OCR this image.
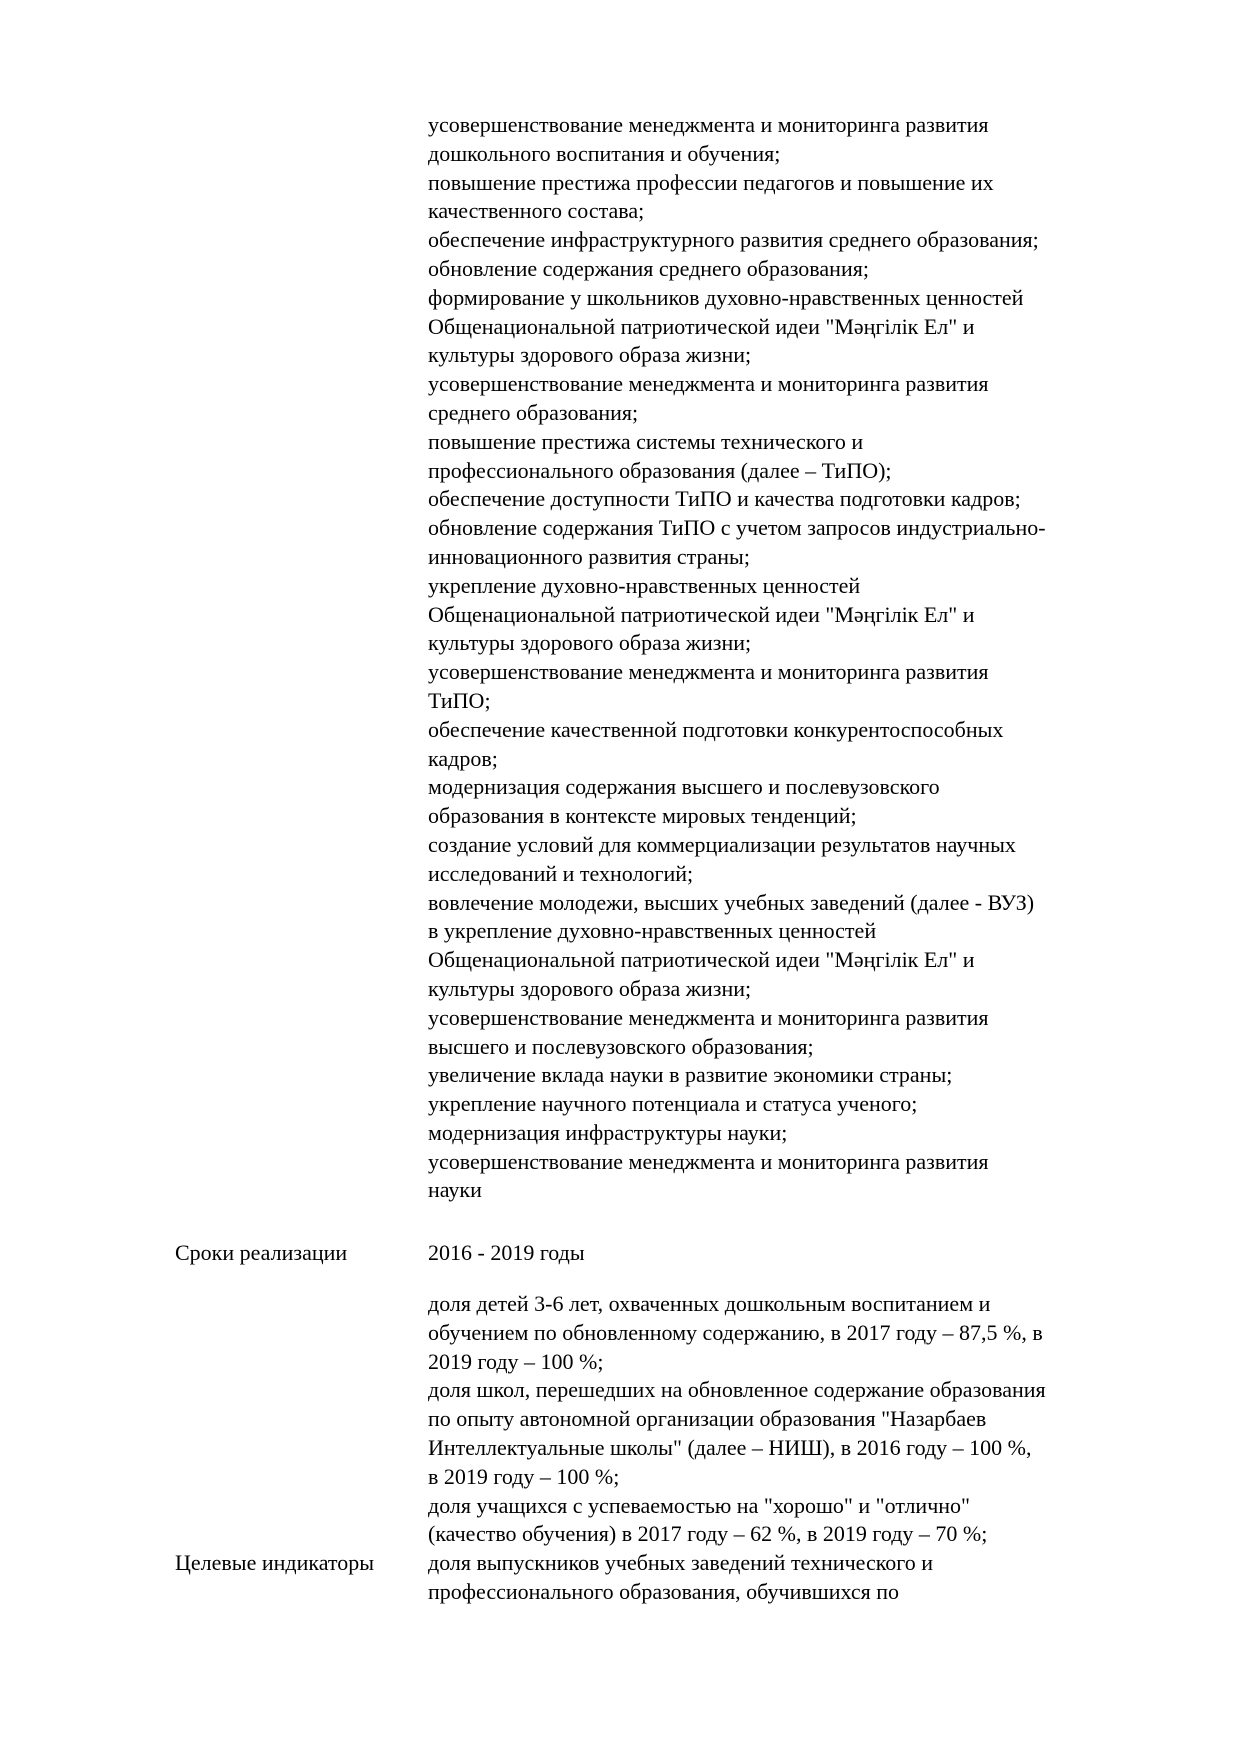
усовершенствование менеджмента и мониторинга развития
дошкольного воспитания и обучения;
повышение престижа профессии педагогов и повышение их
качественного состава;
обеспечение инфраструктурного развития среднего образования;
обновление содержания среднего образования;
формирование у школьников духовно-нравственных ценностей
Общенациональной патриотической идеи "Мәңгілік Ел" и
культуры здорового образа жизни;
усовершенствование менеджмента и мониторинга развития
среднего образования;
повышение престижа системы технического и
профессионального образования (далее – ТиПО);
обеспечение доступности ТиПО и качества подготовки кадров;
обновление содержания ТиПО с учетом запросов индустриально-
инновационного развития страны;
укрепление духовно-нравственных ценностей
Общенациональной патриотической идеи "Мәңгілік Ел" и
культуры здорового образа жизни;
усовершенствование менеджмента и мониторинга развития
ТиПО;
обеспечение качественной подготовки конкурентоспособных
кадров;
модернизация содержания высшего и послевузовского
образования в контексте мировых тенденций;
создание условий для коммерциализации результатов научных
исследований и технологий;
вовлечение молодежи, высших учебных заведений (далее - ВУЗ)
в укрепление духовно-нравственных ценностей
Общенациональной патриотической идеи "Мәңгілік Ел" и
культуры здорового образа жизни;
усовершенствование менеджмента и мониторинга развития
высшего и послевузовского образования;
увеличение вклада науки в развитие экономики страны;
укрепление научного потенциала и статуса ученого;
модернизация инфраструктуры науки;
усовершенствование менеджмента и мониторинга развития
науки
Сроки реализации	2016 - 2019 годы
Целевые индикаторы
доля детей 3-6 лет, охваченных дошкольным воспитанием и
обучением по обновленному содержанию, в 2017 году – 87,5 %, в
2019 году – 100 %;
доля школ, перешедших на обновленное содержание образования
по опыту автономной организации образования "Назарбаев
Интеллектуальные школы" (далее – НИШ), в 2016 году – 100 %,
в 2019 году – 100 %;
доля учащихся с успеваемостью на "хорошо" и "отлично"
(качество обучения) в 2017 году – 62 %, в 2019 году – 70 %;
доля выпускников учебных заведений технического и
профессионального образования, обучившихся по
